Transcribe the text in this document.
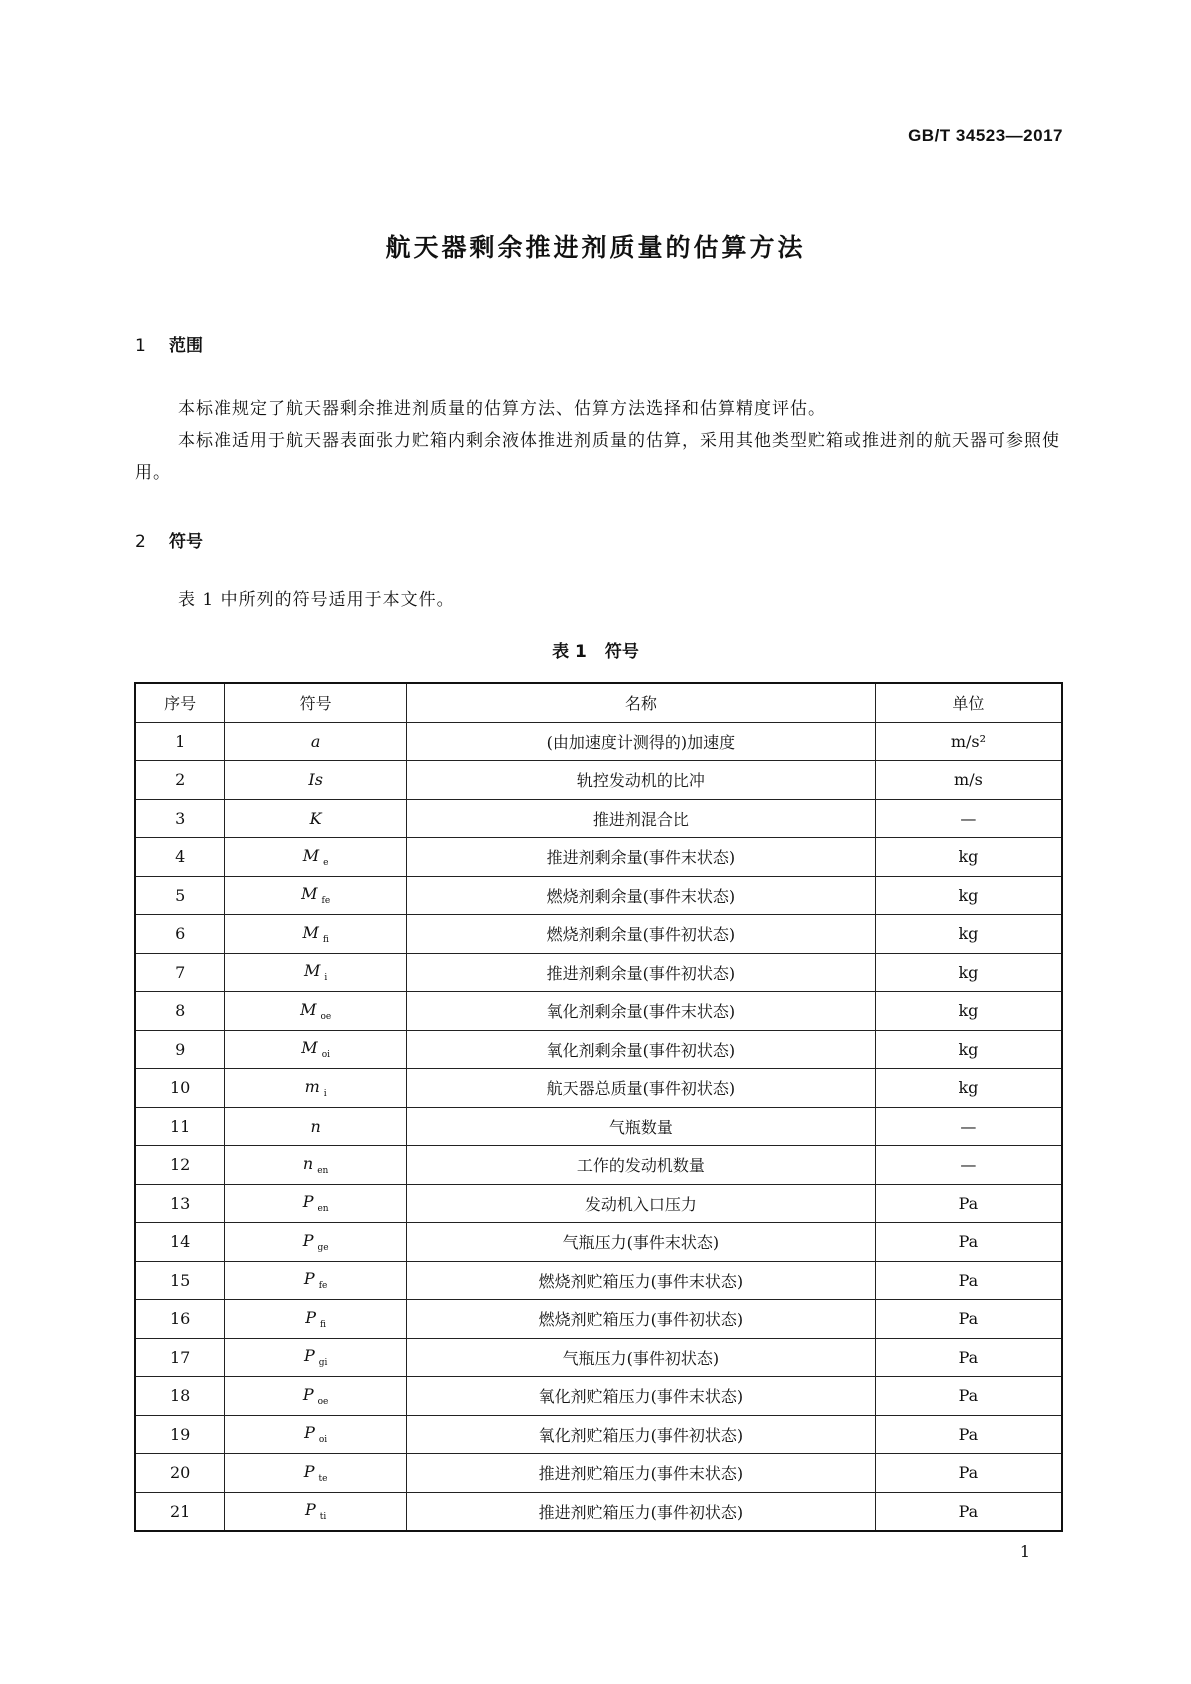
GB/T 34523—2017
航天器剩余推进剂质量的估算方法
1 范围
本标准规定了航天器剩余推进剂质量的估算方法、估算方法选择和估算精度评估。
本标准适用于航天器表面张力贮箱内剩余液体推进剂质量的估算，采用其他类型贮箱或推进剂的航天器可参照使用。
2 符号
表 1 中所列的符号适用于本文件。
表 1 符号
序号	符号	名称	单位
1	a	(由加速度计测得的)加速度	m/s²
2	Is	轨控发动机的比冲	m/s
3	K	推进剂混合比	—
4	M $_e$	推进剂剩余量(事件末状态)	kg
5	M $_{fe}$	燃烧剂剩余量(事件末状态)	kg
6	M $_{fi}$	燃烧剂剩余量(事件初状态)	kg
7	M $_i$	推进剂剩余量(事件初状态)	kg
8	M $_{oe}$	氧化剂剩余量(事件末状态)	kg
9	M $_{oi}$	氧化剂剩余量(事件初状态)	kg
10	m $_i$	航天器总质量(事件初状态)	kg
11	n	气瓶数量	—
12	n $_{en}$	工作的发动机数量	—
13	P $_{en}$	发动机入口压力	Pa
14	P $_{ge}$	气瓶压力(事件末状态)	Pa
15	P $_{fe}$	燃烧剂贮箱压力(事件末状态)	Pa
16	P $_{fi}$	燃烧剂贮箱压力(事件初状态)	Pa
17	P $_{gi}$	气瓶压力(事件初状态)	Pa
18	P $_{oe}$	氧化剂贮箱压力(事件末状态)	Pa
19	P $_{oi}$	氧化剂贮箱压力(事件初状态)	Pa
20	P $_{te}$	推进剂贮箱压力(事件末状态)	Pa
21	P $_{ti}$	推进剂贮箱压力(事件初状态)	Pa
1
